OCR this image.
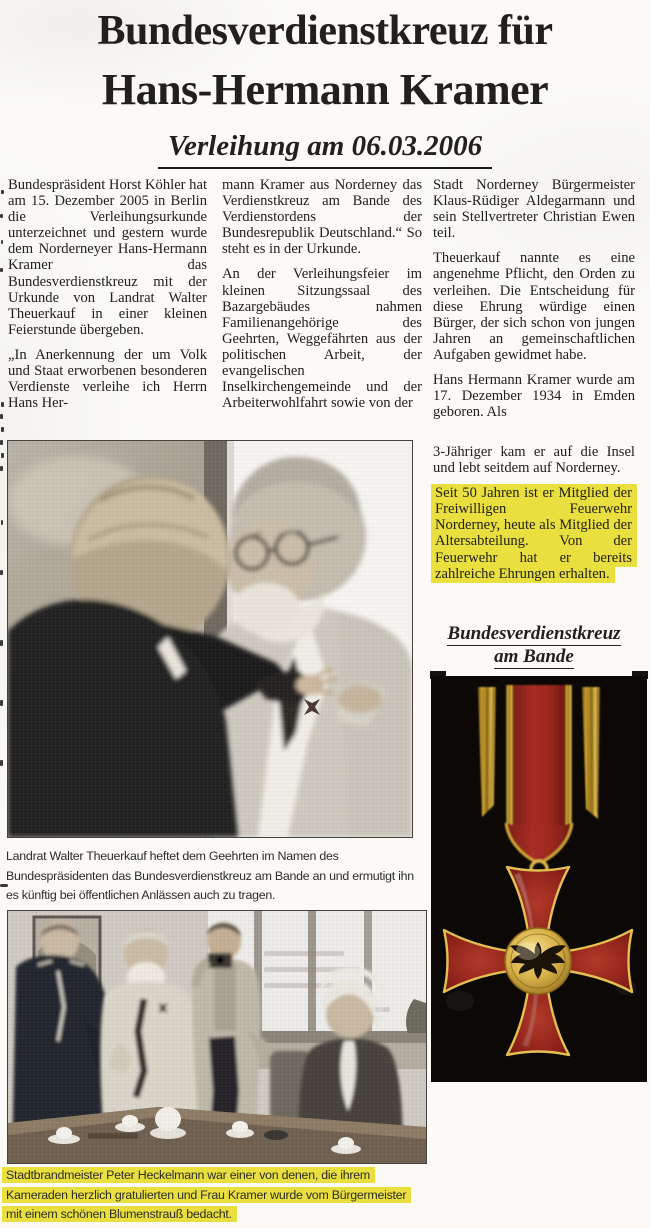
Bundesverdienstkreuz für
Hans-Hermann Kramer
Verleihung am 06.03.2006

Bundespräsident Horst Köhler hat am 15. Dezember 2005 in Berlin die Verleihungsurkunde unterzeichnet und gestern wurde dem Norderneyer Hans-Hermann Kramer das Bundesverdienstkreuz mit der Urkunde von Landrat Walter Theuerkauf in einer kleinen Feierstunde übergeben.

„In Anerkennung der um Volk und Staat erworbenen besonderen Verdienste verleihe ich Herrn Hans Her-

mann Kramer aus Norderney das Verdienstkreuz am Bande des Verdienstordens der Bundesrepublik Deutschland.“ So steht es in der Urkunde.

An der Verleihungsfeier im kleinen Sitzungssaal des Bazargebäudes nahmen Familienangehörige des Geehrten, Weggefährten aus der politischen Arbeit, der evangelischen Inselkirchengemeinde und der Arbeiterwohlfahrt sowie von der

Stadt Norderney Bürgermeister Klaus-Rüdiger Aldegarmann und sein Stellvertreter Christian Ewen teil.

Theuerkauf nannte es eine angenehme Pflicht, den Orden zu verleihen. Die Entscheidung für diese Ehrung würdige einen Bürger, der sich schon von jungen Jahren an gemeinschaftlichen Aufgaben gewidmet habe.

Hans Hermann Kramer wurde am 17. Dezember 1934 in Emden geboren. Als

3-Jähriger kam er auf die Insel und lebt seitdem auf Norderney.

Seit 50 Jahren ist er Mitglied der Freiwilligen Feuerwehr Norderney, heute als Mitglied der Altersabteilung. Von der Feuerwehr hat er bereits zahlreiche Ehrungen erhalten.

Bundesverdienstkreuz
am Bande
Landrat Walter Theuerkauf heftet dem Geehrten im Namen des Bundespräsidenten das Bundesverdienstkreuz am Bande an und ermutigt ihn es künftig bei öffentlichen Anlässen auch zu tragen.
Stadtbrandmeister Peter Heckelmann war einer von denen, die ihrem Kameraden herzlich gratulierten und Frau Kramer wurde vom Bürgermeister mit einem schönen Blumenstrauß bedacht.
